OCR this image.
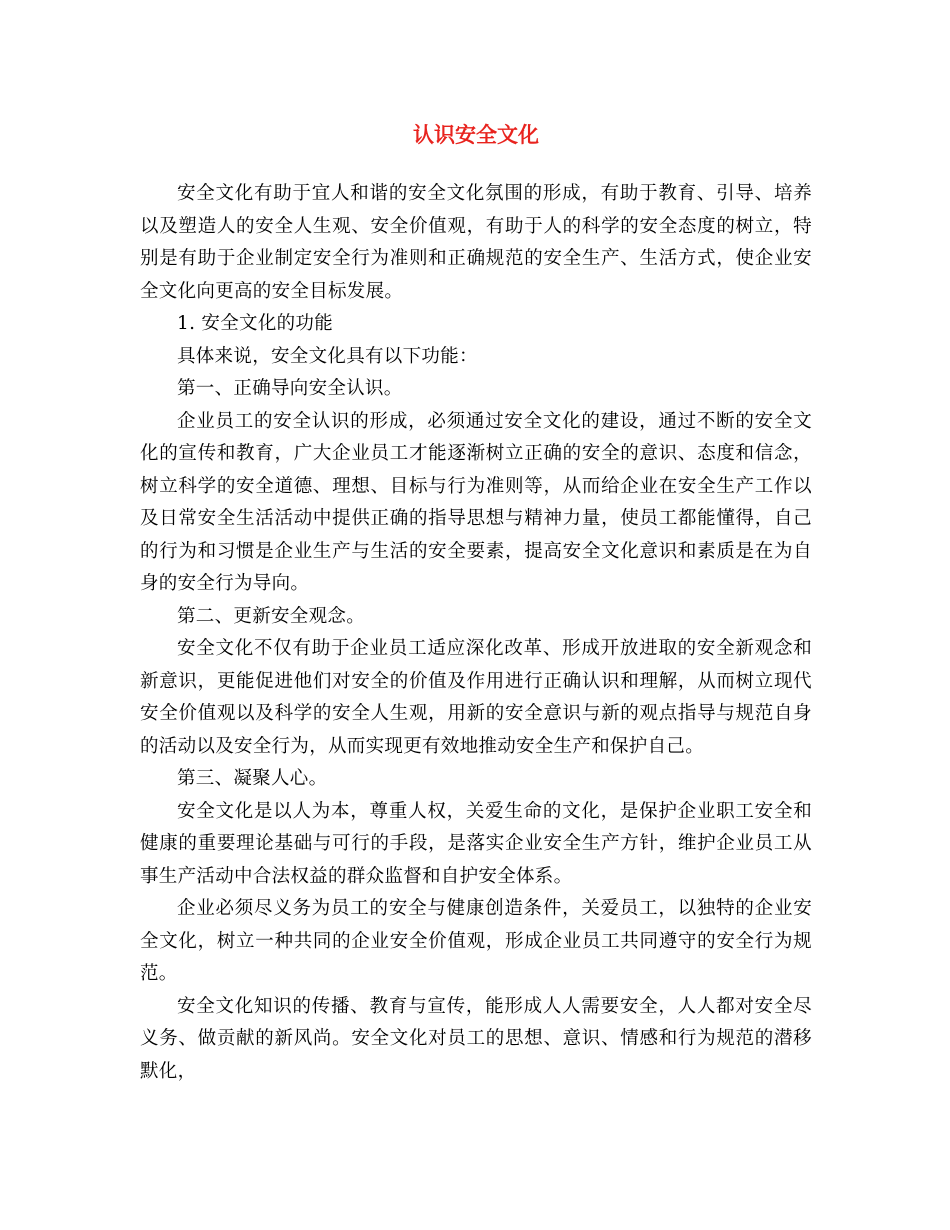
认识安全文化

安全文化有助于宜人和谐的安全文化氛围的形成，有助于教育、引导、培养以及塑造人的安全人生观、安全价值观，有助于人的科学的安全态度的树立，特别是有助于企业制定安全行为准则和正确规范的安全生产、生活方式，使企业安全文化向更高的安全目标发展。

1. 安全文化的功能

具体来说，安全文化具有以下功能：

第一、正确导向安全认识。

企业员工的安全认识的形成，必须通过安全文化的建设，通过不断的安全文化的宣传和教育，广大企业员工才能逐渐树立正确的安全的意识、态度和信念，树立科学的安全道德、理想、目标与行为准则等，从而给企业在安全生产工作以及日常安全生活活动中提供正确的指导思想与精神力量，使员工都能懂得，自己的行为和习惯是企业生产与生活的安全要素，提高安全文化意识和素质是在为自身的安全行为导向。

第二、更新安全观念。

安全文化不仅有助于企业员工适应深化改革、形成开放进取的安全新观念和新意识，更能促进他们对安全的价值及作用进行正确认识和理解，从而树立现代安全价值观以及科学的安全人生观，用新的安全意识与新的观点指导与规范自身的活动以及安全行为，从而实现更有效地推动安全生产和保护自己。

第三、凝聚人心。

安全文化是以人为本，尊重人权，关爱生命的文化，是保护企业职工安全和健康的重要理论基础与可行的手段，是落实企业安全生产方针，维护企业员工从事生产活动中合法权益的群众监督和自护安全体系。

企业必须尽义务为员工的安全与健康创造条件，关爱员工，以独特的企业安全文化，树立一种共同的企业安全价值观，形成企业员工共同遵守的安全行为规范。

安全文化知识的传播、教育与宣传，能形成人人需要安全，人人都对安全尽义务、做贡献的新风尚。安全文化对员工的思想、意识、情感和行为规范的潜移默化，
